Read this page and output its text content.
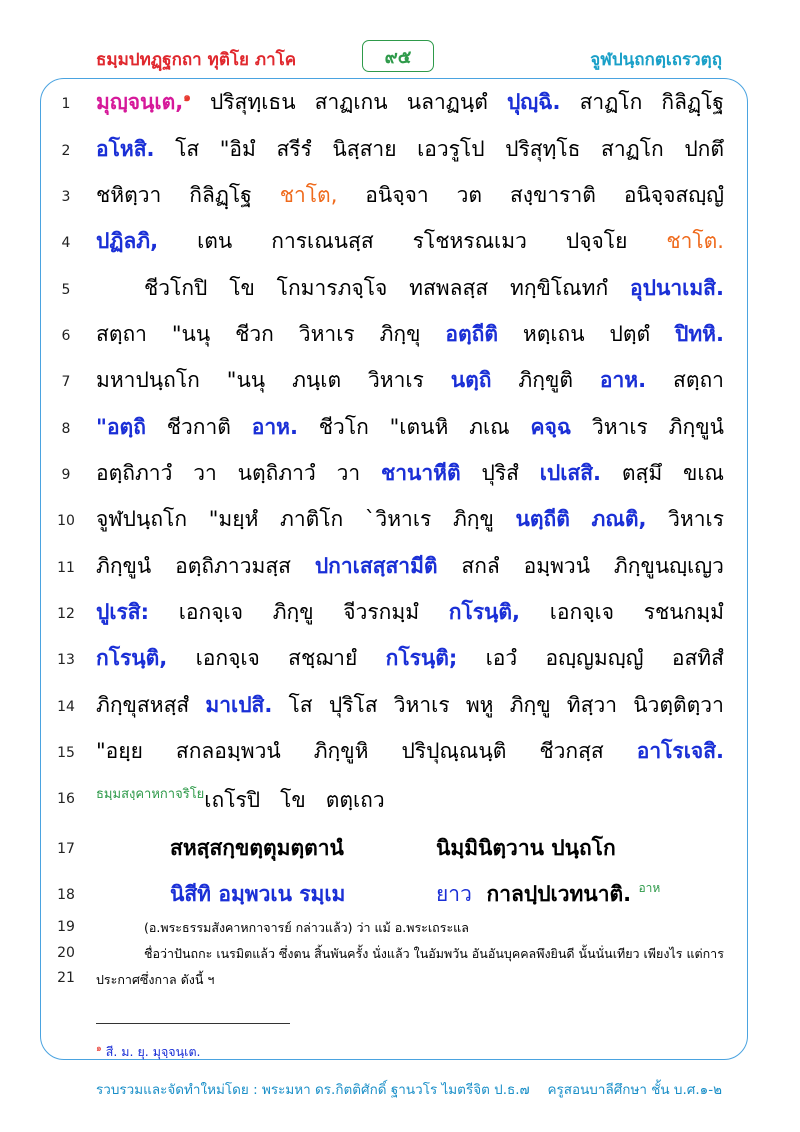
ธมฺมปทฏฺฐกถา ทุติโย ภาโค	๙๕	จูฬปนฺถกตฺเถรวตฺถุ
1
2
3
4
5
6
7
8
9
10
11
12
13
14
15
16
มุญฺจนฺเต,$^๑$ ปริสุทฺเธน สาฏเกน นลาฏนฺตํ ปุญฺฉิ. สาฏโก กิลิฏฺโฐ
อโหสิ. โส "อิมํ สรีรํ นิสฺสาย เอวรูโป ปริสุทฺโธ สาฏโก ปกตึ
ชหิตฺวา กิลิฏฺโฐ ชาโต, อนิจฺจา วต สงฺขาราติ อนิจฺจสญฺญํ
ปฏิลภิ, เตน การเณนสฺส รโชหรณเมว ปจฺจโย ชาโต.
ชีวโกปิ โข โกมารภจฺโจ ทสพลสฺส ทกฺขิโณทกํ อุปนาเมสิ.
สตฺถา "นนุ ชีวก วิหาเร ภิกฺขุ อตฺถีติ หตฺเถน ปตฺตํ ปิทหิ.
มหาปนฺถโก "นนุ ภนฺเต วิหาเร นตฺถิ ภิกฺขูติ อาห. สตฺถา
"อตฺถิ ชีวกาติ อาห. ชีวโก "เตนหิ ภเณ คจฺฉ วิหาเร ภิกฺขูนํ
อตฺถิภาวํ วา นตฺถิภาวํ วา ชานาหีติ ปุริสํ เปเสสิ. ตสฺมึ ขเณ
จูฬปนฺถโก "มยฺหํ ภาติโก `วิหาเร ภิกฺขู นตฺถีติ ภณติ, วิหาเร
ภิกฺขูนํ อตฺถิภาวมสฺส ปกาเสสฺสามีติ สกลํ อมฺพวนํ ภิกฺขูนญฺเญว
ปูเรสิ: เอกจฺเจ ภิกฺขู จีวรกมฺมํ กโรนฺติ, เอกจฺเจ รชนกมฺมํ
กโรนฺติ, เอกจฺเจ สชฺฌายํ กโรนฺติ; เอวํ อญฺญมญฺญํ อสทิสํ
ภิกฺขุสหสฺสํ มาเปสิ. โส ปุริโส วิหาเร พหู ภิกฺขู ทิสฺวา นิวตฺติตฺวา
"อยฺย สกลอมฺพวนํ ภิกฺขูหิ ปริปุณฺณนฺติ ชีวกสฺส อาโรเจสิ.
$^{ธมฺมสงฺคาหกาจริโย}$เถโรปิ โข ตตฺเถว
17
18
สหสฺสกฺขตฺตุมตฺตานํ	นิมฺมินิตฺวาน ปนฺถโก
นิสีทิ อมฺพวเน รมฺเม	ยาว กาลปฺปเวทนาติ. $^{อาห}$
19
20
21
(อ.พระธรรมสังคาหกาจารย์ กล่าวแล้ว) ว่า แม้ อ.พระเถระแล
ชื่อว่าปันถกะ เนรมิตแล้ว ซึ่งตน สิ้นพันครั้ง นั่งแล้ว ในอัมพวัน อันอันบุคคลพึงยินดี นั้นนั่นเทียว เพียงไร แต่การ
ประกาศซึ่งกาล ดังนี้ ฯ
$^๑$ สี. ม. ยุ. มุจฺจนฺเต.
รวบรวมและจัดทำใหม่โดย : พระมหา ดร.กิตติศักดิ์ ฐานวโร ไมตรีจิต ป.ธ.๗ ครูสอนบาลีศึกษา ชั้น บ.ศ.๑-๒
